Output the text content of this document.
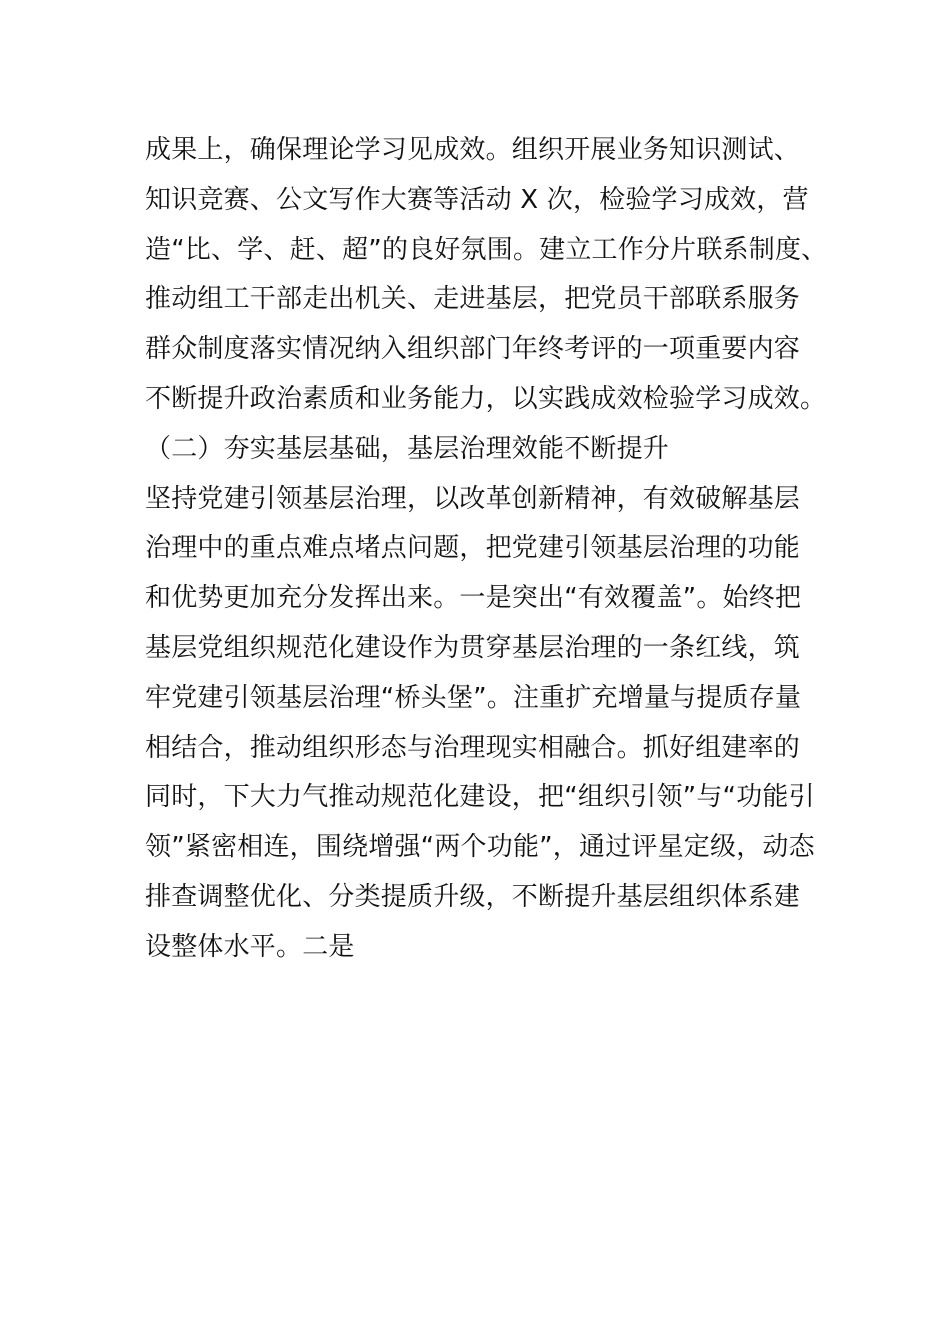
成果上，确保理论学习见成效。组织开展业务知识测试、
知识竞赛、公文写作大赛等活动 X 次，检验学习成效，营
造“比、学、赶、超”的良好氛围。建立工作分片联系制度、
推动组工干部走出机关、走进基层，把党员干部联系服务
群众制度落实情况纳入组织部门年终考评的一项重要内容
不断提升政治素质和业务能力，以实践成效检验学习成效。
（二）夯实基层基础，基层治理效能不断提升
坚持党建引领基层治理，以改革创新精神，有效破解基层
治理中的重点难点堵点问题，把党建引领基层治理的功能
和优势更加充分发挥出来。一是突出“有效覆盖”。始终把
基层党组织规范化建设作为贯穿基层治理的一条红线，筑
牢党建引领基层治理“桥头堡”。注重扩充增量与提质存量
相结合，推动组织形态与治理现实相融合。抓好组建率的
同时，下大力气推动规范化建设，把“组织引领”与“功能引
领”紧密相连，围绕增强“两个功能”，通过评星定级，动态
排查调整优化、分类提质升级，不断提升基层组织体系建
设整体水平。二是
